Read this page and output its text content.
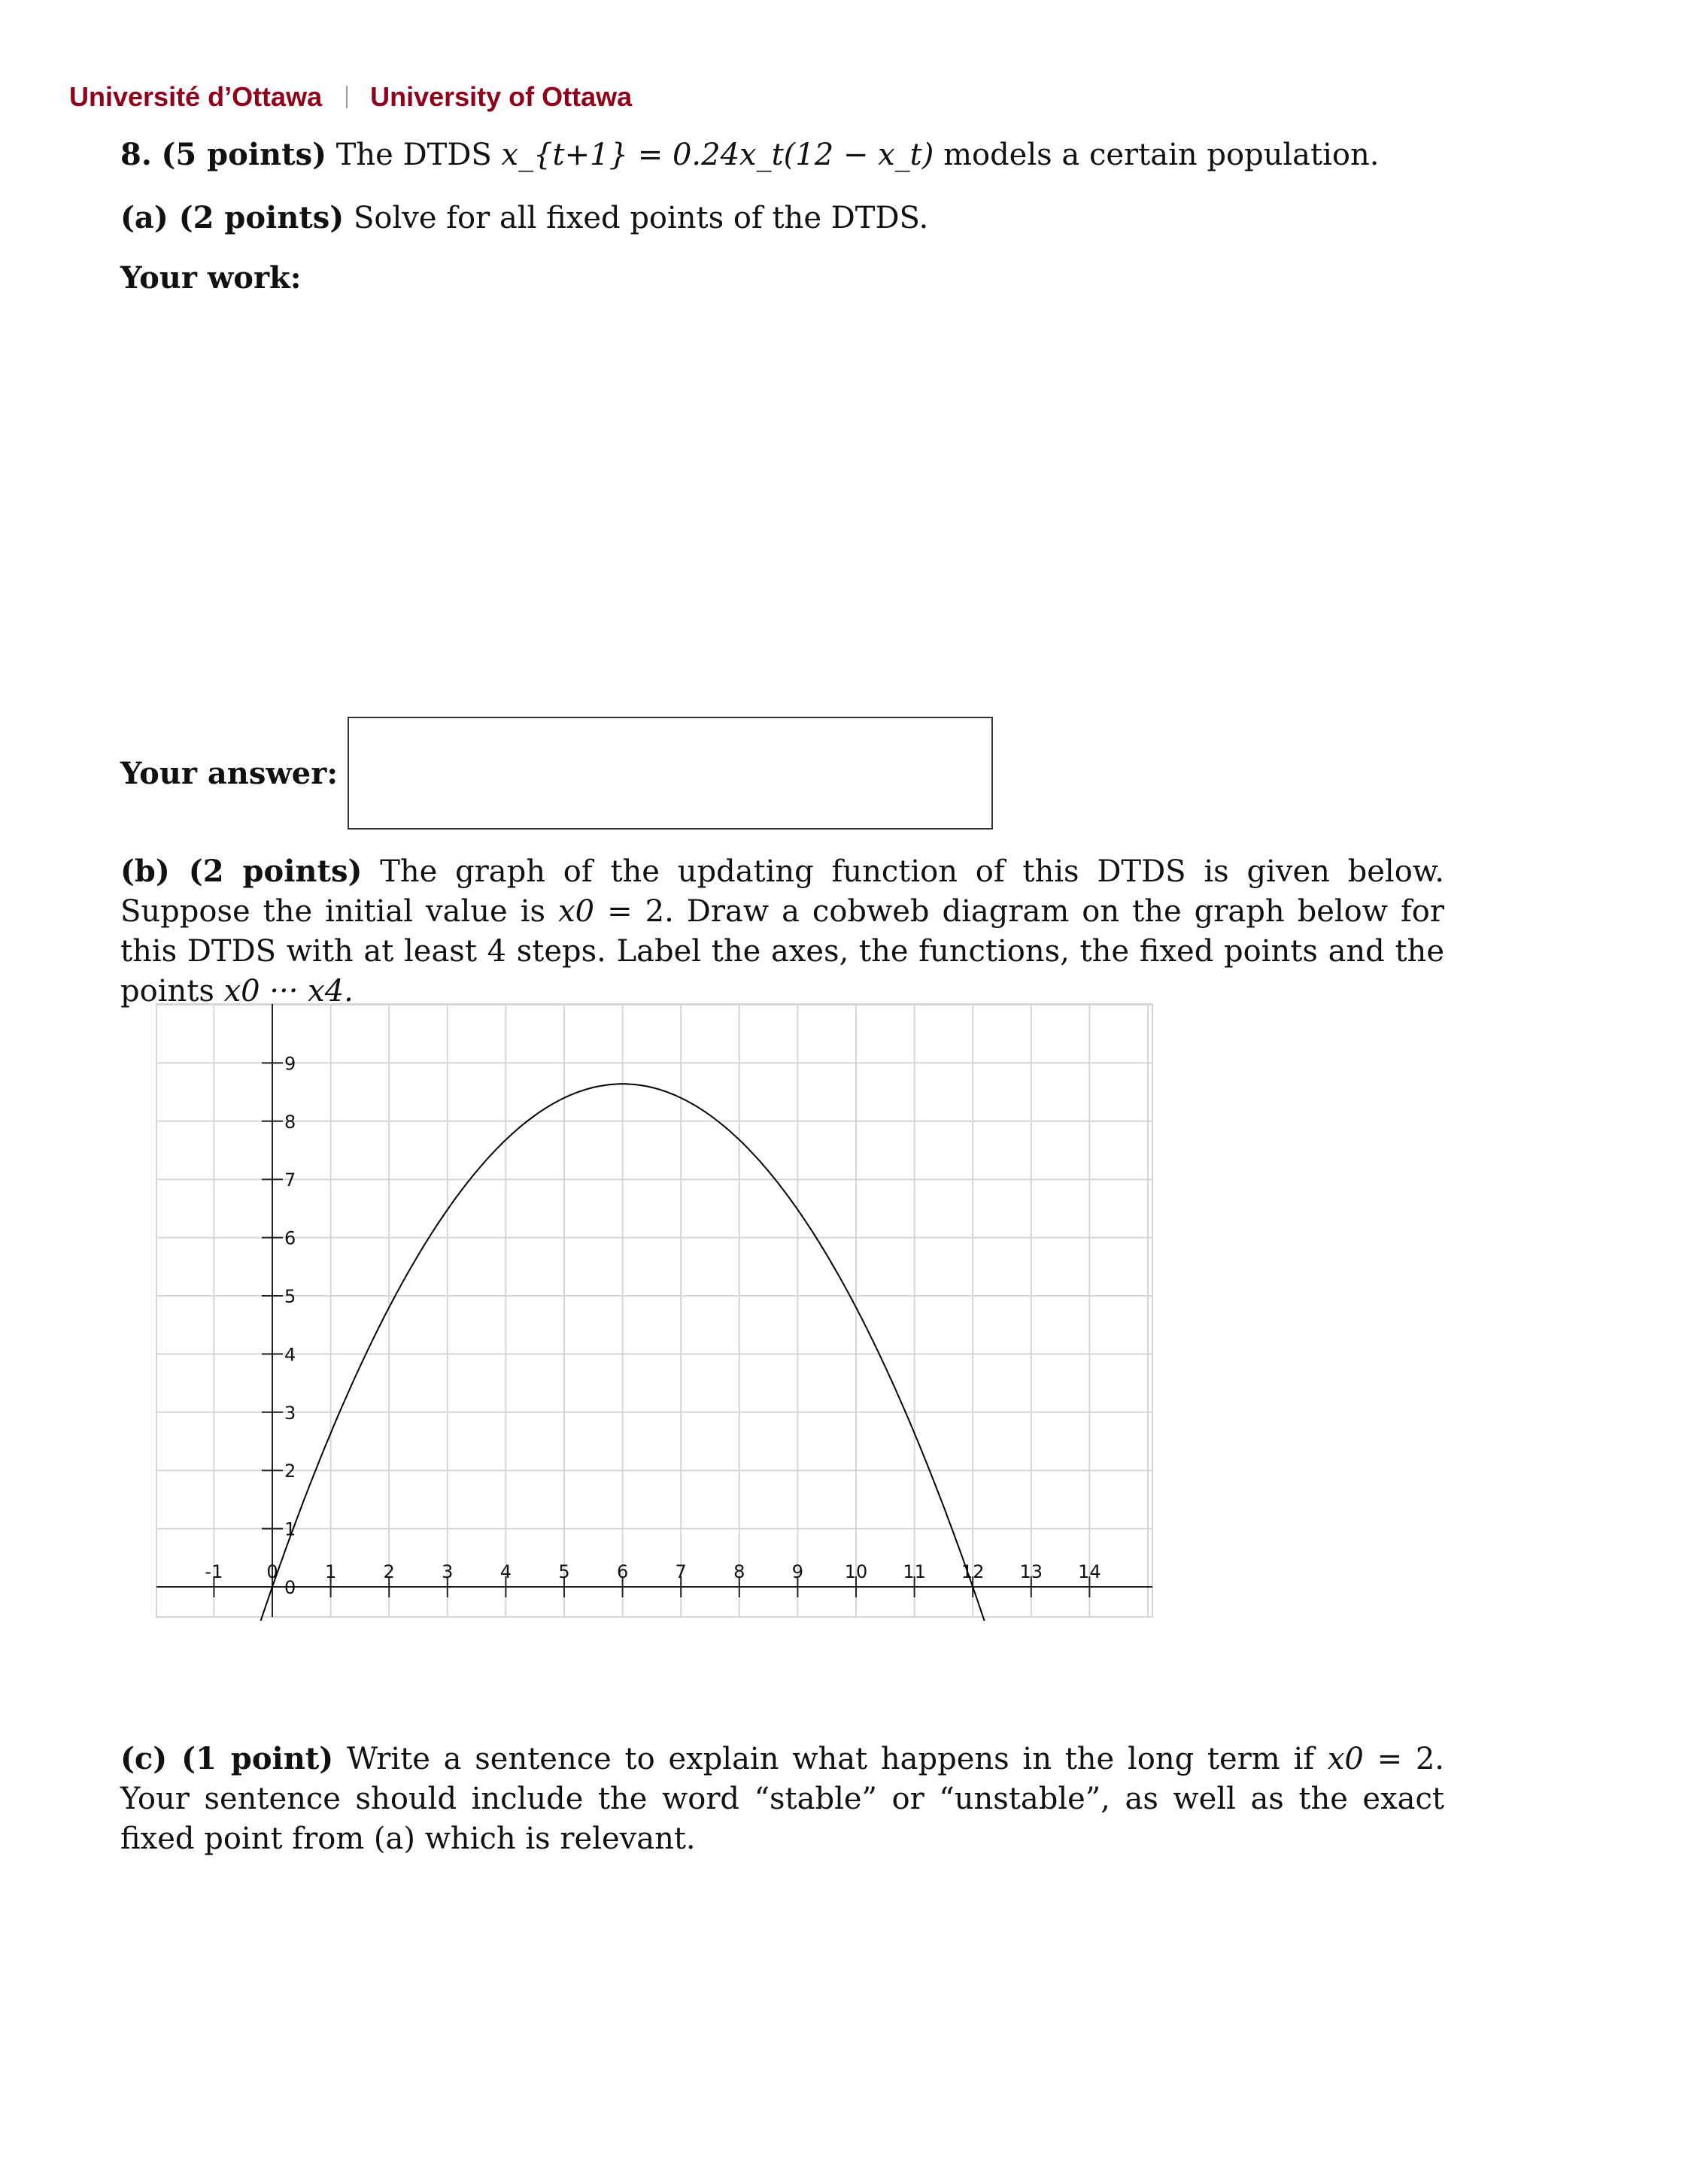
Université d’Ottawa University of Ottawa
8. (5 points) The DTDS x_{t+1} = 0.24x_t(12 − x_t) models a certain population.
(a) (2 points) Solve for all fixed points of the DTDS.
Your work:
Your answer:
(b) (2 points) The graph of the updating function of this DTDS is given below. Suppose the initial value is x0 = 2. Draw a cobweb diagram on the graph below for this DTDS with at least 4 steps. Label the axes, the functions, the fixed points and the points x0 ··· x4.
-1 0	1	2	3	4	5	6	7	8	9 10 11 12 13 14
0
1
2
3
4
5
6
7
8
9
(c) (1 point) Write a sentence to explain what happens in the long term if x0 = 2. Your sentence should include the word “stable” or “unstable”, as well as the exact fixed point from (a) which is relevant.
